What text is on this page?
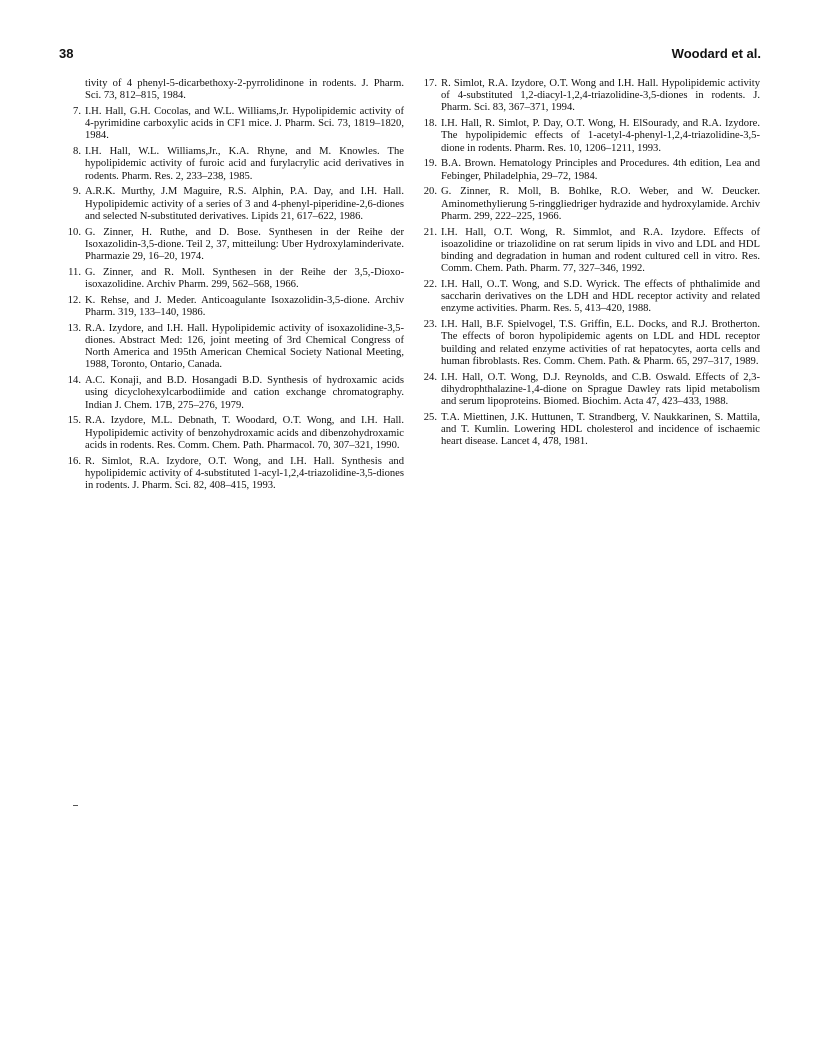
38	Woodard et al.
tivity of 4 phenyl-5-dicarbethoxy-2-pyrrolidinone in rodents. J. Pharm. Sci. 73, 812–815, 1984.
7. I.H. Hall, G.H. Cocolas, and W.L. Williams,Jr. Hypolipidemic activity of 4-pyrimidine carboxylic acids in CF1 mice. J. Pharm. Sci. 73, 1819–1820, 1984.
8. I.H. Hall, W.L. Williams,Jr., K.A. Rhyne, and M. Knowles. The hypolipidemic activity of furoic acid and furylacrylic acid derivatives in rodents. Pharm. Res. 2, 233–238, 1985.
9. A.R.K. Murthy, J.M Maguire, R.S. Alphin, P.A. Day, and I.H. Hall. Hypolipidemic activity of a series of 3 and 4-phenyl-piperidine-2,6-diones and selected N-substituted derivatives. Lipids 21, 617–622, 1986.
10. G. Zinner, H. Ruthe, and D. Bose. Synthesen in der Reihe der Isoxazolidin-3,5-dione. Teil 2, 37, mitteilung: Uber Hydroxylaminderivate. Pharmazie 29, 16–20, 1974.
11. G. Zinner, and R. Moll. Synthesen in der Reihe der 3,5,-Dioxo-isoxazolidine. Archiv Pharm. 299, 562–568, 1966.
12. K. Rehse, and J. Meder. Anticoagulante Isoxazolidin-3,5-dione. Archiv Pharm. 319, 133–140, 1986.
13. R.A. Izydore, and I.H. Hall. Hypolipidemic activity of isoxazolidine-3,5-diones. Abstract Med: 126, joint meeting of 3rd Chemical Congress of North America and 195th American Chemical Society National Meeting, 1988, Toronto, Ontario, Canada.
14. A.C. Konaji, and B.D. Hosangadi B.D. Synthesis of hydroxamic acids using dicyclohexylcarbodiimide and cation exchange chromatography. Indian J. Chem. 17B, 275–276, 1979.
15. R.A. Izydore, M.L. Debnath, T. Woodard, O.T. Wong, and I.H. Hall. Hypolipidemic activity of benzohydroxamic acids and dibenzohydroxamic acids in rodents. Res. Comm. Chem. Path. Pharmacol. 70, 307–321, 1990.
16. R. Simlot, R.A. Izydore, O.T. Wong, and I.H. Hall. Synthesis and hypolipidemic activity of 4-substituted 1-acyl-1,2,4-triazolidine-3,5-diones in rodents. J. Pharm. Sci. 82, 408–415, 1993.
17. R. Simlot, R.A. Izydore, O.T. Wong and I.H. Hall. Hypolipidemic activity of 4-substituted 1,2-diacyl-1,2,4-triazolidine-3,5-diones in rodents. J. Pharm. Sci. 83, 367–371, 1994.
18. I.H. Hall, R. Simlot, P. Day, O.T. Wong, H. ElSourady, and R.A. Izydore. The hypolipidemic effects of 1-acetyl-4-phenyl-1,2,4-triazolidine-3,5-dione in rodents. Pharm. Res. 10, 1206–1211, 1993.
19. B.A. Brown. Hematology Principles and Procedures. 4th edition, Lea and Febinger, Philadelphia, 29–72, 1984.
20. G. Zinner, R. Moll, B. Bohlke, R.O. Weber, and W. Deucker. Aminomethylierung 5-ringgliedriger hydrazide and hydroxylamide. Archiv Pharm. 299, 222–225, 1966.
21. I.H. Hall, O.T. Wong, R. Simmlot, and R.A. Izydore. Effects of isoazolidine or triazolidine on rat serum lipids in vivo and LDL and HDL binding and degradation in human and rodent cultured cell in vitro. Res. Comm. Chem. Path. Pharm. 77, 327–346, 1992.
22. I.H. Hall, O..T. Wong, and S.D. Wyrick. The effects of phthalimide and saccharin derivatives on the LDH and HDL receptor activity and related enzyme activities. Pharm. Res. 5, 413–420, 1988.
23. I.H. Hall, B.F. Spielvogel, T.S. Griffin, E.L. Docks, and R.J. Brotherton. The effects of boron hypolipidemic agents on LDL and HDL receptor building and related enzyme activities of rat hepatocytes, aorta cells and human fibroblasts. Res. Comm. Chem. Path. & Pharm. 65, 297–317, 1989.
24. I.H. Hall, O.T. Wong, D.J. Reynolds, and C.B. Oswald. Effects of 2,3-dihydrophthalazine-1,4-dione on Sprague Dawley rats lipid metabolism and serum lipoproteins. Biomed. Biochim. Acta 47, 423–433, 1988.
25. T.A. Miettinen, J.K. Huttunen, T. Strandberg, V. Naukkarinen, S. Mattila, and T. Kumlin. Lowering HDL cholesterol and incidence of ischaemic heart disease. Lancet 4, 478, 1981.
